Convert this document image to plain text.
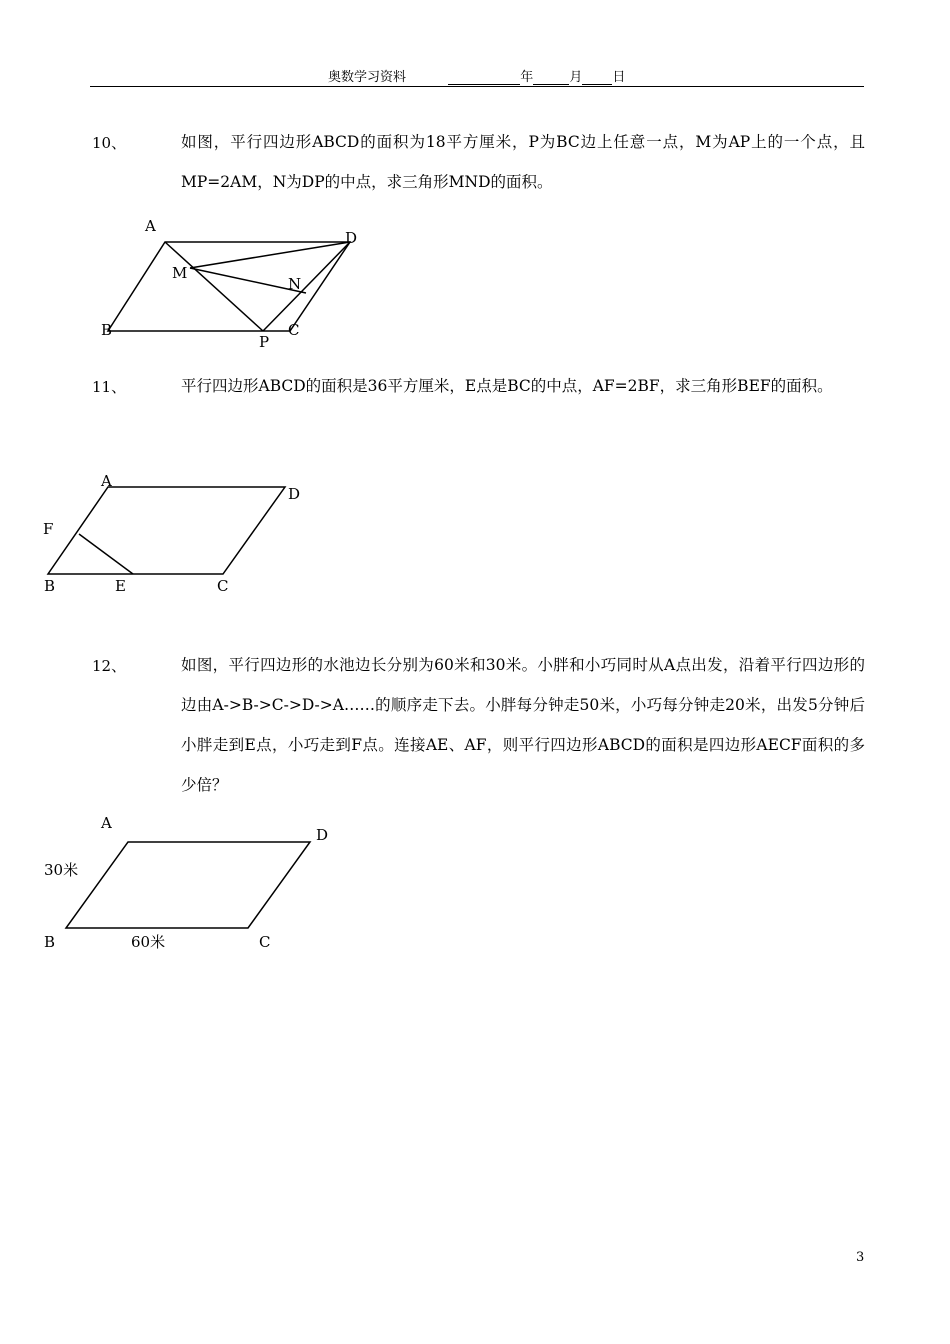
奥数学习资料	年	月 日
10、	如图，平行四边形ABCD的面积为18平方厘米，P为BC边上任意一点，M为AP上的一个点，且MP=2AM，N为DP的中点，求三角形MND的面积。
A
D
M
N
B	C
P
11、	平行四边形ABCD的面积是36平方厘米，E点是BC的中点，AF=2BF，求三角形BEF的面积。
A
D
F
B	E	C
12、	如图，平行四边形的水池边长分别为60米和30米。小胖和小巧同时从A点出发，沿着平行四边形的边由A->B->C->D->A……的顺序走下去。小胖每分钟走50米，小巧每分钟走20米，出发5分钟后小胖走到E点，小巧走到F点。连接AE、AF，则平行四边形ABCD的面积是四边形AECF面积的多少倍？
A
D
30米
B	60米	C
3
